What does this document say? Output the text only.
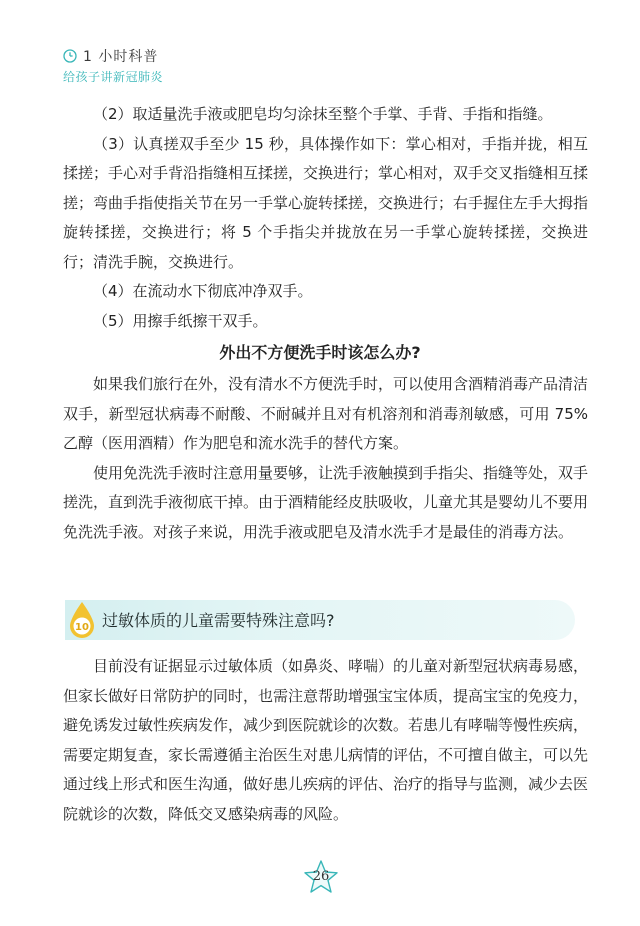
1 小时科普
给孩子讲新冠肺炎

（2）取适量洗手液或肥皂均匀涂抹至整个手掌、手背、手指和指缝。

（3）认真搓双手至少 15 秒，具体操作如下：掌心相对，手指并拢，相互揉搓；手心对手背沿指缝相互揉搓，交换进行；掌心相对，双手交叉指缝相互揉搓；弯曲手指使指关节在另一手掌心旋转揉搓，交换进行；右手握住左手大拇指旋转揉搓，交换进行；将 5 个手指尖并拢放在另一手掌心旋转揉搓，交换进行；清洗手腕，交换进行。

（4）在流动水下彻底冲净双手。

（5）用擦手纸擦干双手。

外出不方便洗手时该怎么办?

如果我们旅行在外，没有清水不方便洗手时，可以使用含酒精消毒产品清洁双手，新型冠状病毒不耐酸、不耐碱并且对有机溶剂和消毒剂敏感，可用 75% 乙醇（医用酒精）作为肥皂和流水洗手的替代方案。

使用免洗洗手液时注意用量要够，让洗手液触摸到手指尖、指缝等处，双手搓洗，直到洗手液彻底干掉。由于酒精能经皮肤吸收，儿童尤其是婴幼儿不要用免洗洗手液。对孩子来说，用洗手液或肥皂及清水洗手才是最佳的消毒方法。

10 过敏体质的儿童需要特殊注意吗?

目前没有证据显示过敏体质（如鼻炎、哮喘）的儿童对新型冠状病毒易感，但家长做好日常防护的同时，也需注意帮助增强宝宝体质，提高宝宝的免疫力，避免诱发过敏性疾病发作，减少到医院就诊的次数。若患儿有哮喘等慢性疾病，需要定期复查，家长需遵循主治医生对患儿病情的评估，不可擅自做主，可以先通过线上形式和医生沟通，做好患儿疾病的评估、治疗的指导与监测，减少去医院就诊的次数，降低交叉感染病毒的风险。

26
